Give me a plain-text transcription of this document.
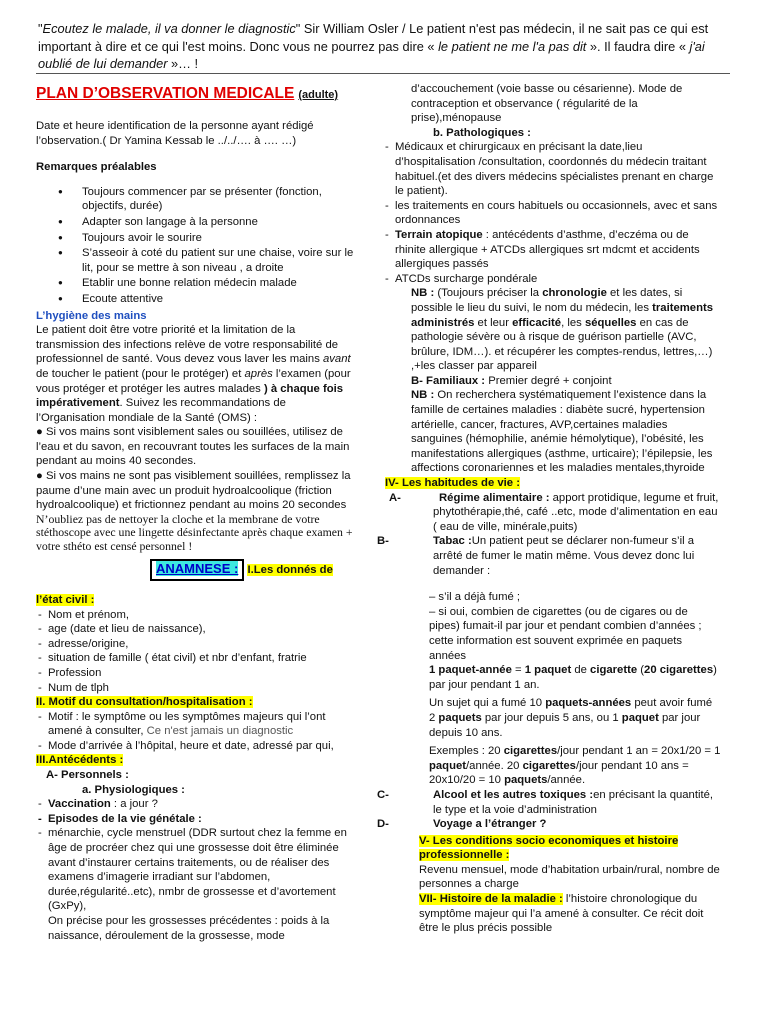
"Ecoutez le malade, il va donner le diagnostic" Sir William Osler / Le patient n'est pas médecin, il ne sait pas ce qui est important à dire et ce qui l'est moins. Donc vous ne pourrez pas dire « le patient ne me l'a pas dit ». Il faudra dire « j'ai oublié de lui demander »… !

PLAN D’OBSERVATION MEDICALE (adulte)

Date et heure identification de la personne ayant rédigé l’observation.( Dr Yamina Kessab le ../../…. à …. …)

Remarques préalables

● Toujours commencer par se présenter (fonction, objectifs, durée)
● Adapter son langage à la personne
● Toujours avoir le sourire
● S’asseoir à coté du patient sur une chaise, voire sur le lit, pour se mettre à son niveau , a droite
● Etablir une bonne relation médecin malade
● Ecoute attentive

L’hygiène des mains

Le patient doit être votre priorité et la limitation de la transmission des infections relève de votre responsabilité de professionnel de santé. Vous devez vous laver les mains avant de toucher le patient (pour le protéger) et après l’examen (pour vous protéger et protéger les autres malades ) à chaque fois impérativement. Suivez les recommandations de l’Organisation mondiale de la Santé (OMS) :

● Si vos mains sont visiblement sales ou souillées, utilisez de l’eau et du savon, en recouvrant toutes les surfaces de la main pendant au moins 40 secondes.

● Si vos mains ne sont pas visiblement souillées, remplissez la paume d’une main avec un produit hydroalcoolique (friction hydroalcoolique) et frictionnez pendant au moins 20 secondes

N’oubliez pas de nettoyer la cloche et la membrane de votre stéthoscope avec une lingette désinfectante après chaque examen + votre sthéto est censé personnel !

ANAMNESE : I.Les donnés de l’état civil :

- Nom et prénom,
- age (date et lieu de naissance),
- adresse/origine,
- situation de famille ( état civil) et nbr d’enfant, fratrie
- Profession
- Num de tlph

II. Motif du consultation/hospitalisation :

- Motif : le symptôme ou les symptômes majeurs qui l’ont amené à consulter, Ce n'est jamais un diagnostic
- Mode d’arrivée à l’hôpital, heure et date, adressé par qui,

III.Antécédents :

A- Personnels :

a. Physiologiques :

- Vaccination : a jour ?
- Episodes de la vie génétale :
- ménarchie, cycle menstruel (DDR surtout chez la femme en âge de procréer chez qui une grossesse doit être éliminée avant d’instaurer certains traitements, ou de réaliser des examens d’imagerie irradiant sur l’abdomen, durée,régularité..etc), nmbr de grossesse et d’avortement (GxPy),

On précise pour les grossesses précédentes : poids à la naissance, déroulement de la grossesse, mode

d’accouchement (voie basse ou césarienne). Mode de contraception et observance ( régularité de la prise),ménopause

b. Pathologiques :

- Médicaux et chirurgicaux en précisant la date,lieu d’hospitalisation /consultation, coordonnés du médecin traitant habituel.(et des divers médecins spécialistes prenant en charge le patient).
- les traitements en cours habituels ou occasionnels, avec et sans ordonnances
- Terrain atopique : antécédents d’asthme, d’eczéma ou de rhinite allergique + ATCDs allergiques srt mdcmt et accidents allergiques passés
- ATCDs surcharge pondérale

NB : (Toujours préciser la chronologie et les dates, si possible le lieu du suivi, le nom du médecin, les traitements administrés et leur efficacité, les séquelles en cas de pathologie sévère ou à risque de guérison partielle (AVC, brûlure, IDM…). et récupérer les comptes-rendus, lettres,…) ,+les classer par appareil

B- Familiaux : Premier degré + conjoint

NB : On recherchera systématiquement l’existence dans la famille de certaines maladies : diabète sucré, hypertension artérielle, cancer, fractures, AVP,certaines maladies sanguines (hémophilie, anémie hémolytique), l’obésité, les manifestations allergiques (asthme, urticaire); l’épilepsie, les affections coronariennes et les maladies mentales,thyroide

IV- Les habitudes de vie :

A-	Régime alimentaire : apport protidique, legume et fruit, phytothérapie,thé, café ..etc, mode d’alimentation en eau ( eau de ville, minérale,puits)

B-	Tabac :Un patient peut se déclarer non-fumeur s’il a arrêté de fumer le matin même. Vous devez donc lui demander :

– s’il a déjà fumé ;

– si oui, combien de cigarettes (ou de cigares ou de pipes) fumait-il par jour et pendant combien d’années ; cette information est souvent exprimée en paquets années

1 paquet-année = 1 paquet de cigarette (20 cigarettes) par jour pendant 1 an.

Un sujet qui a fumé 10 paquets-années peut avoir fumé 2 paquets par jour depuis 5 ans, ou 1 paquet par jour depuis 10 ans.

Exemples : 20 cigarettes/jour pendant 1 an = 20x1/20 = 1 paquet/année. 20 cigarettes/jour pendant 10 ans = 20x10/20 = 10 paquets/année.

C-	Alcool et les autres toxiques :en précisant la quantité, le type et la voie d’administration

D-	Voyage a l’étranger ?

V- Les conditions socio economiques et histoire professionnelle :

Revenu mensuel, mode d’habitation urbain/rural, nombre de personnes a charge

VII- Histoire de la maladie : l’histoire chronologique du symptôme majeur qui l’a amené à consulter. Ce récit doit être le plus précis possible
